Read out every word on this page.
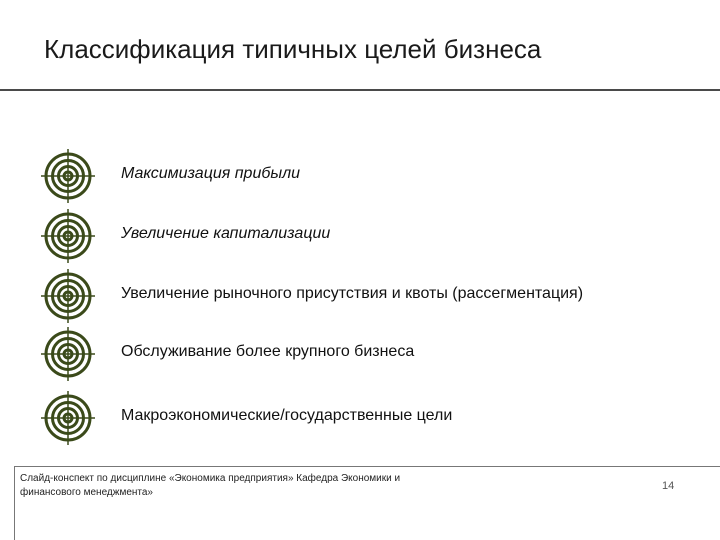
Классификация типичных целей бизнеса
Максимизация прибыли
Увеличение капитализации
Увеличение рыночного присутствия и квоты (рассегментация)
Обслуживание более крупного бизнеса
Макроэкономические/государственные цели
Слайд-конспект по дисциплине «Экономика предприятия» Кафедра Экономики и финансового менеджмента»
14
